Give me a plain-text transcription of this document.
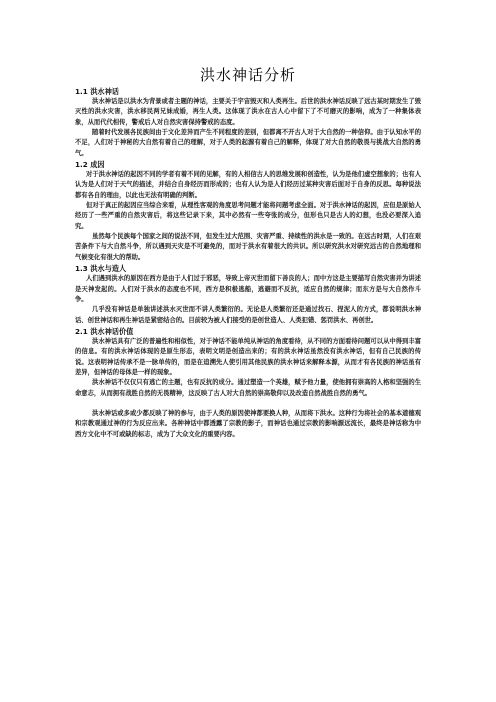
洪水神话分析
1.1 洪水神话
洪水神话是以洪水为背景或者主题的神话，主要关于宇宙毁灭和人类再生。后世的洪水神话反映了远古某时期发生了毁灭性的洪水灾害，洪水移民两兄妹成婚，再生人类。这体现了洪水在古人心中留下了不可磨灭的影响，成为了一种集体表象，从而代代相传，警戒后人对自然灾害保持警戒的态度。
随着时代发展各民族间由于文化差异而产生不同程度的差别，但都离不开古人对于大自然的一种信仰。由于认知水平的不足，人们对于神秘的大自然有着自己的理解，对于人类的起源有着自己的解释，体现了对大自然的敬畏与挑战大自然的勇气。
1.2 成因
对于洪水神话的起因不同的学者有着不同的见解，有的人相信古人的思维发展和创造性，认为是他们虚空想象的；也有人认为是人们对于天气的描述，并结合自身经历而形成的；也有人认为是人们经历过某种灾害后面对于自身的反思。每种说法都有各自的理由，以此也无法有明确的判断。
但对于真正的起因应当综合来看，从理性客观的角度思考问题才能将问题考虑全面。对于洪水神话的起因，应但是原始人经历了一些严重的自然灾害后，将这些记录下来，其中必然有一些夸张的成分，但形也只是古人的幻想，也没必要深入追究。
虽然每个民族每个国家之间的说法不同，但发生过大范围、灾害严重、持续性的洪水是一致的。在远古时期，人们在艰苦条件下与大自然斗争，所以遇到天灾是不可避免的，而对于洪水有着很大的共识。所以研究洪水对研究远古的自然地理和气候变化有很大的帮助。
1.3 洪水与造人
人们遇到洪水的原因在西方是由于人们过于邪恶，导致上帝灭世而留下善良的人；而中方这是主要描写自然灾害并为讲述是天神发起的。人们对于洪水的态度也不同，西方是积极逃船，逃避而不反抗，适应自然的规律；而东方是与大自然作斗争。
几乎没有神话是单独讲述洪水灭世而不讲人类繁衍的。无论是人类繁衍还是通过找石、捏泥人的方式，都说明洪水神话、创世神话和再生神话是紧密结合的。目前较为被人们接受的是创世造人、人类犯错、惩罚洪水、再创世。
2.1 洪水神话价值
洪水神话具有广泛的普遍性和相似性，对于神话不能单纯从神话的角度看待，从不同的方面看待问题可以从中得到丰富的信息。有的洪水神话体现的是原生形态，表明文明是创造出来的；有的洪水神话虽然没有洪水神话，但有自己民族的传说。这表明神话传承不是一脉单传的，而是在追溯先人使引用其他民族的洪水神话来解释本源，从而才有各民族的神话虽有差异，但神话的母体是一样的现象。
洪水神话不仅仅只有逃亡的主题，也有反抗的成分。通过塑造一个英雄，赋予他力量，使他拥有崇高的人格和坚强的生命意志，从而拥有战胜自然的无畏精神，这反映了古人对大自然的崇高敬仰以及改造自然战胜自然的勇气。
洪水神话或多或少都反映了神的参与，由于人类的原因使神都要换人种，从而将下洪水。这种行为将社会的基本道德观和宗教观通过神的行为反应出来。各种神话中都透露了宗教的影子，而神话也通过宗教的影响源远流长，最终是神话称为中西方文化中不可或缺的标志，成为了大众文化的重要内容。
